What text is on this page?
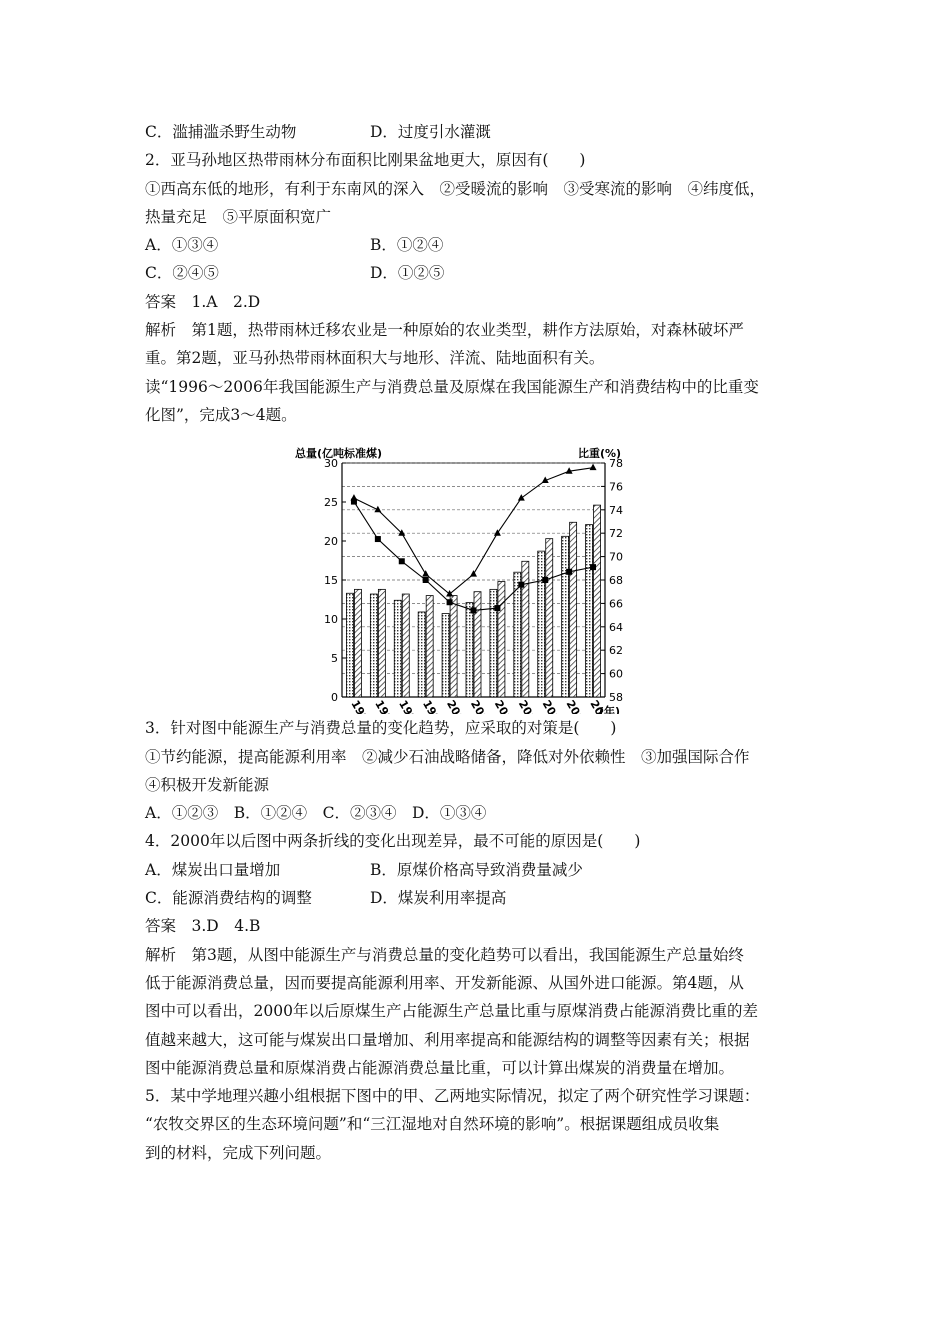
C．滥捕滥杀野生动物	D．过度引水灌溉
2．亚马孙地区热带雨林分布面积比刚果盆地更大，原因有(　　)
①西高东低的地形，有利于东南风的深入　②受暖流的影响　③受寒流的影响　④纬度低，
热量充足　⑤平原面积宽广
A．①③④	B．①②④
C．②④⑤	D．①②⑤
答案　1.A　2.D
解析　第1题，热带雨林迁移农业是一种原始的农业类型，耕作方法原始，对森林破坏严
重。第2题，亚马孙热带雨林面积大与地形、洋流、陆地面积有关。
读“1996～2006年我国能源生产与消费总量及原煤在我国能源生产和消费结构中的比重变
化图”，完成3～4题。
0
5
10
15
20
25
30
58
60
62
64
66
68
70
72
74
76
78
总量(亿吨标准煤)	比重(%)
(年)
3．针对图中能源生产与消费总量的变化趋势，应采取的对策是(　　)
①节约能源，提高能源利用率　②减少石油战略储备，降低对外依赖性　③加强国际合作
④积极开发新能源
A．①②③　B．①②④　C．②③④　D．①③④
4．2000年以后图中两条折线的变化出现差异，最不可能的原因是(　　)
A．煤炭出口量增加	B．原煤价格高导致消费量减少
C．能源消费结构的调整	D．煤炭利用率提高
答案　3.D　4.B
解析　第3题，从图中能源生产与消费总量的变化趋势可以看出，我国能源生产总量始终
低于能源消费总量，因而要提高能源利用率、开发新能源、从国外进口能源。第4题，从
图中可以看出，2000年以后原煤生产占能源生产总量比重与原煤消费占能源消费比重的差
值越来越大，这可能与煤炭出口量增加、利用率提高和能源结构的调整等因素有关；根据
图中能源消费总量和原煤消费占能源消费总量比重，可以计算出煤炭的消费量在增加。
5．某中学地理兴趣小组根据下图中的甲、乙两地实际情况，拟定了两个研究性学习课题：
“农牧交界区的生态环境问题”和“三江湿地对自然环境的影响”。根据课题组成员收集
到的材料，完成下列问题。
